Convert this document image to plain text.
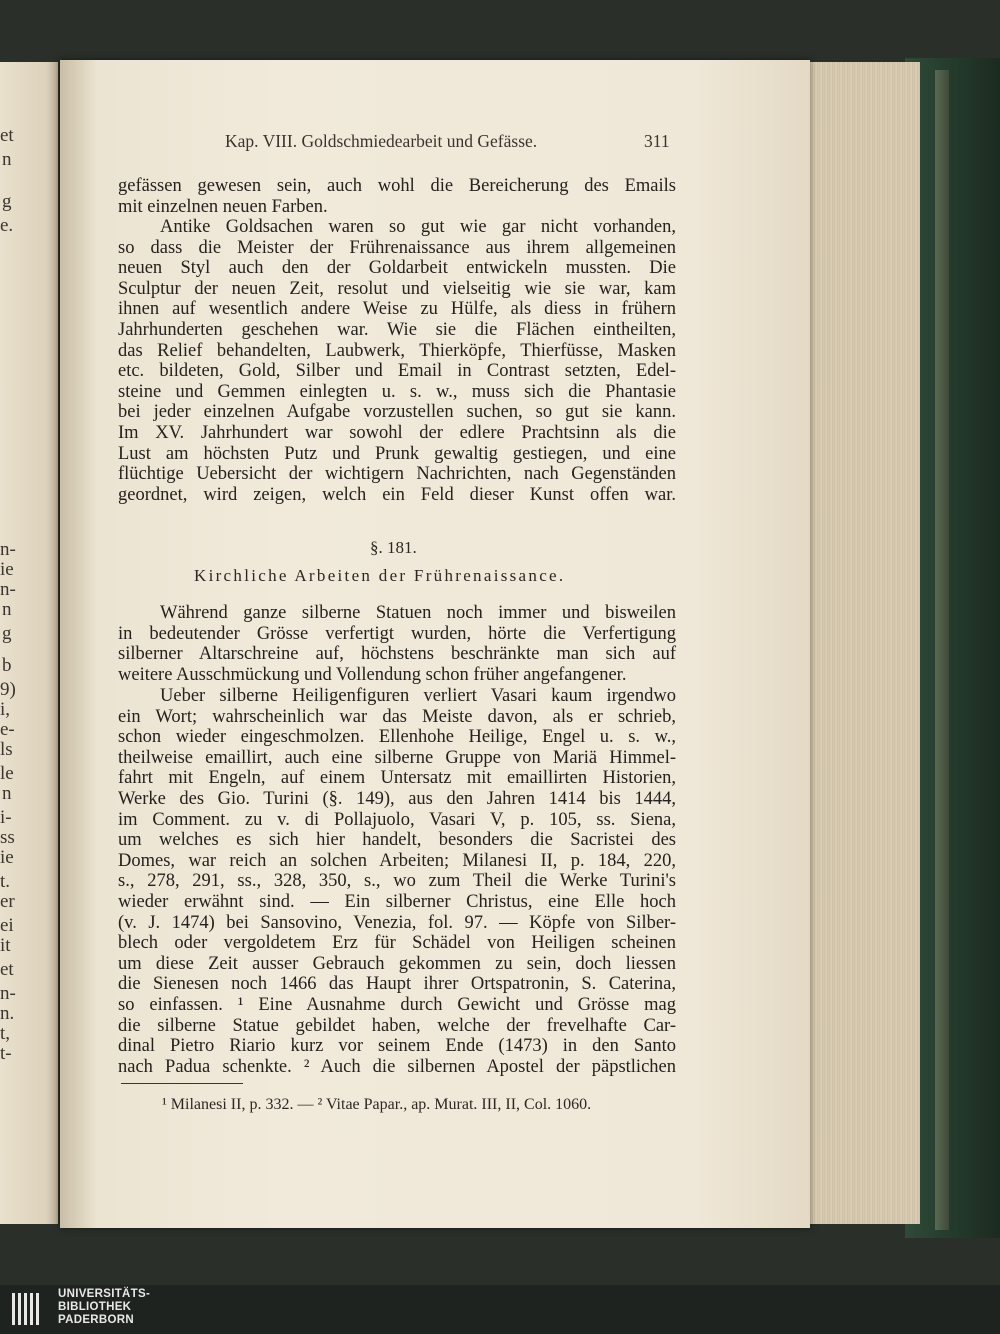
et
n
g
e.
n-
ie
n-
n
g
b
9)
i,
e-
ls
le
n
i-
ss
ie
t.
er
ei
it
et
n-
n.
t,
t-
Kap. VIII. Goldschmiedearbeit und Gefässe.	311
gefässen gewesen sein, auch wohl die Bereicherung des Emails
mit einzelnen neuen Farben.
Antike Goldsachen waren so gut wie gar nicht vorhanden,
so dass die Meister der Frührenaissance aus ihrem allgemeinen
neuen Styl auch den der Goldarbeit entwickeln mussten. Die
Sculptur der neuen Zeit, resolut und vielseitig wie sie war, kam
ihnen auf wesentlich andere Weise zu Hülfe, als diess in frühern
Jahrhunderten geschehen war. Wie sie die Flächen eintheilten,
das Relief behandelten, Laubwerk, Thierköpfe, Thierfüsse, Masken
etc. bildeten, Gold, Silber und Email in Contrast setzten, Edel-
steine und Gemmen einlegten u. s. w., muss sich die Phantasie
bei jeder einzelnen Aufgabe vorzustellen suchen, so gut sie kann.
Im XV. Jahrhundert war sowohl der edlere Prachtsinn als die
Lust am höchsten Putz und Prunk gewaltig gestiegen, und eine
flüchtige Uebersicht der wichtigern Nachrichten, nach Gegenständen
geordnet, wird zeigen, welch ein Feld dieser Kunst offen war.
Während ganze silberne Statuen noch immer und bisweilen
in bedeutender Grösse verfertigt wurden, hörte die Verfertigung
silberner Altarschreine auf, höchstens beschränkte man sich auf
weitere Ausschmückung und Vollendung schon früher angefangener.
Ueber silberne Heiligenfiguren verliert Vasari kaum irgendwo
ein Wort; wahrscheinlich war das Meiste davon, als er schrieb,
schon wieder eingeschmolzen. Ellenhohe Heilige, Engel u. s. w.,
theilweise emaillirt, auch eine silberne Gruppe von Mariä Himmel-
fahrt mit Engeln, auf einem Untersatz mit emaillirten Historien,
Werke des Gio. Turini (§. 149), aus den Jahren 1414 bis 1444,
im Comment. zu v. di Pollajuolo, Vasari V, p. 105, ss. Siena,
um welches es sich hier handelt, besonders die Sacristei des
Domes, war reich an solchen Arbeiten; Milanesi II, p. 184, 220,
s., 278, 291, ss., 328, 350, s., wo zum Theil die Werke Turini's
wieder erwähnt sind. — Ein silberner Christus, eine Elle hoch
(v. J. 1474) bei Sansovino, Venezia, fol. 97. — Köpfe von Silber-
blech oder vergoldetem Erz für Schädel von Heiligen scheinen
um diese Zeit ausser Gebrauch gekommen zu sein, doch liessen
die Sienesen noch 1466 das Haupt ihrer Ortspatronin, S. Caterina,
so einfassen. ¹ Eine Ausnahme durch Gewicht und Grösse mag
die silberne Statue gebildet haben, welche der frevelhafte Car-
dinal Pietro Riario kurz vor seinem Ende (1473) in den Santo
nach Padua schenkte. ² Auch die silbernen Apostel der päpstlichen
§. 181.
Kirchliche Arbeiten der Frührenaissance.
¹ Milanesi II, p. 332. — ² Vitae Papar., ap. Murat. III, II, Col. 1060.
UNIVERSITÄTS-
BIBLIOTHEK
PADERBORN
